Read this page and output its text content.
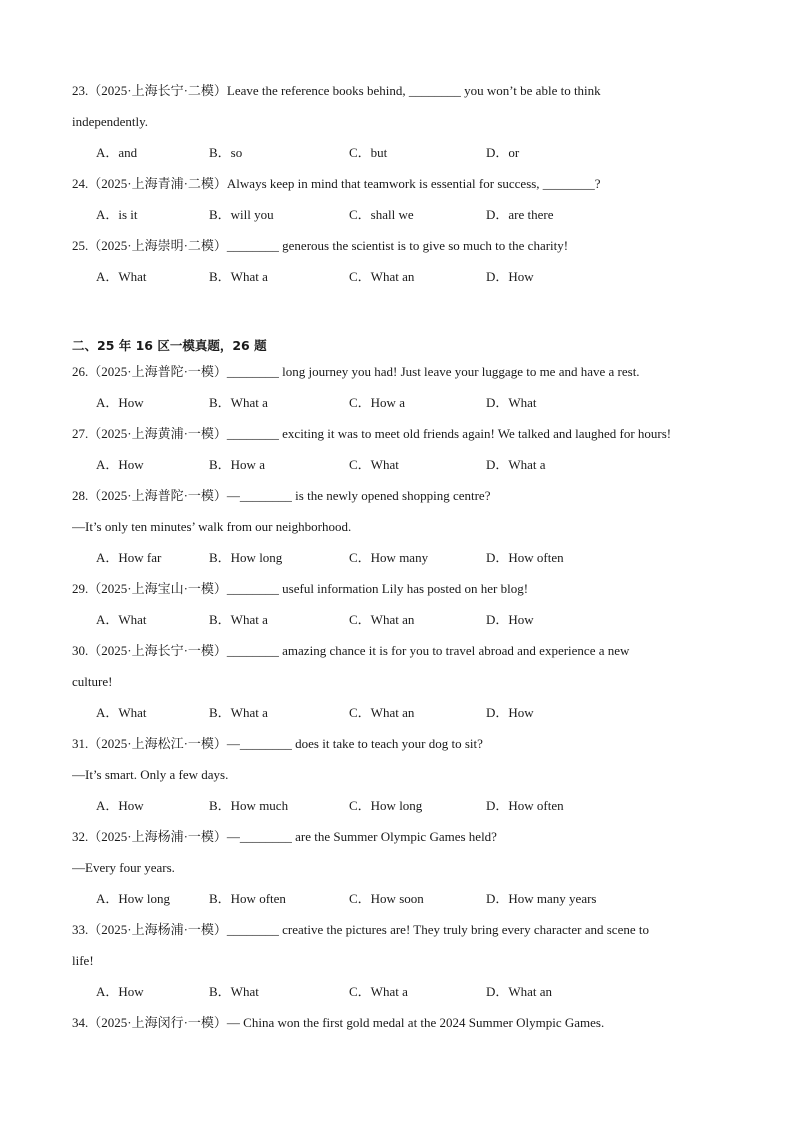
23.（2025·上海长宁·二模）Leave the reference books behind, ________ you won’t be able to think
independently.
A．and	B．so	C．but	D．or
24.（2025·上海青浦·二模）Always keep in mind that teamwork is essential for success, ________?
A．is it	B．will you	C．shall we	D．are there
25.（2025·上海崇明·二模）________ generous the scientist is to give so much to the charity!
A．What	B．What a	C．What an	D．How
二、25 年 16 区一模真题，26 题
26.（2025·上海普陀·一模）________ long journey you had! Just leave your luggage to me and have a rest.
A．How	B．What a	C．How a	D．What
27.（2025·上海黄浦·一模）________ exciting it was to meet old friends again! We talked and laughed for hours!
A．How	B．How a	C．What	D．What a
28.（2025·上海普陀·一模）—________ is the newly opened shopping centre?
—It’s only ten minutes’ walk from our neighborhood.
A．How far	B．How long	C．How many	D．How often
29.（2025·上海宝山·一模）________ useful information Lily has posted on her blog!
A．What	B．What a	C．What an	D．How
30.（2025·上海长宁·一模）________ amazing chance it is for you to travel abroad and experience a new
culture!
A．What	B．What a	C．What an	D．How
31.（2025·上海松江·一模）—________ does it take to teach your dog to sit?
—It’s smart. Only a few days.
A．How	B．How much	C．How long	D．How often
32.（2025·上海杨浦·一模）—________ are the Summer Olympic Games held?
—Every four years.
A．How long	B．How often	C．How soon	D．How many years
33.（2025·上海杨浦·一模）________ creative the pictures are! They truly bring every character and scene to
life!
A．How	B．What	C．What a	D．What an
34.（2025·上海闵行·一模）— China won the first gold medal at the 2024 Summer Olympic Games.
